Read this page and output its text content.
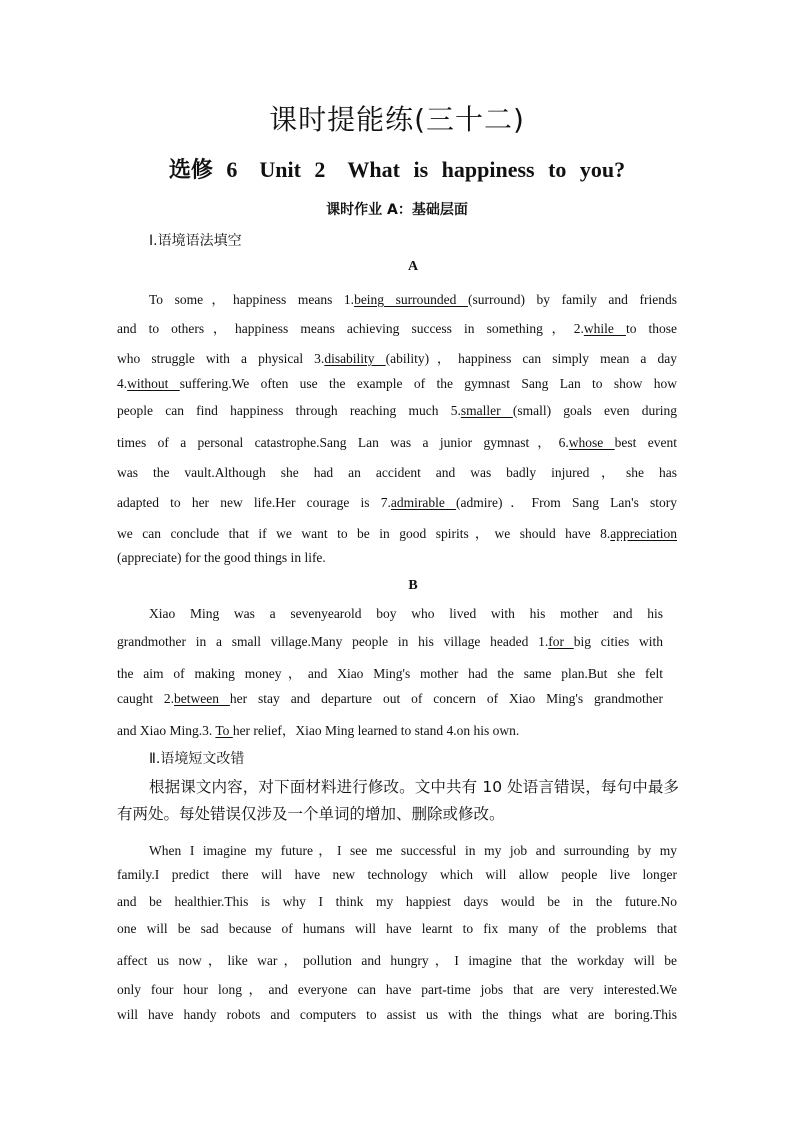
课时提能练(三十二)
选修 6　Unit 2　What is happiness to you?
课时作业 A：基础层面
Ⅰ.语境语法填空
A
To some，happiness means 1.being surrounded (surround) by family and friends
and to others，happiness means achieving success in something，2.while to those
who struggle with a physical 3.disability (ability)，happiness can simply mean a day
4.without suffering.We often use the example of the gymnast Sang Lan to show how
people can find happiness through reaching much 5.smaller (small) goals even during
times of a personal catastrophe.Sang Lan was a junior gymnast，6.whose best event
was the vault.Although she had an accident and was badly injured，she has
adapted to her new life.Her courage is 7.admirable (admire)．From Sang Lan's story
we can conclude that if we want to be in good spirits，we should have 8.appreciation
(appreciate) for the good things in life.
B
Xiao Ming was a sevenyearold boy who lived with his mother and his
grandmother in a small village.Many people in his village headed 1.for big cities with
the aim of making money，and Xiao Ming's mother had the same plan.But she felt
caught 2.between her stay and departure out of concern of Xiao Ming's grandmother
and Xiao Ming.3. To her relief，Xiao Ming learned to stand 4.on his own.
Ⅱ.语境短文改错
根据课文内容，对下面材料进行修改。文中共有 10 处语言错误，每句中最多
有两处。每处错误仅涉及一个单词的增加、删除或修改。
When I imagine my future，I see me successful in my job and surrounding by my
family.I predict there will have new technology which will allow people live longer
and be healthier.This is why I think my happiest days would be in the future.No
one will be sad because of humans will have learnt to fix many of the problems that
affect us now，like war，pollution and hungry，I imagine that the workday will be
only four hour long，and everyone can have part-time jobs that are very interested.We
will have handy robots and computers to assist us with the things what are boring.This
